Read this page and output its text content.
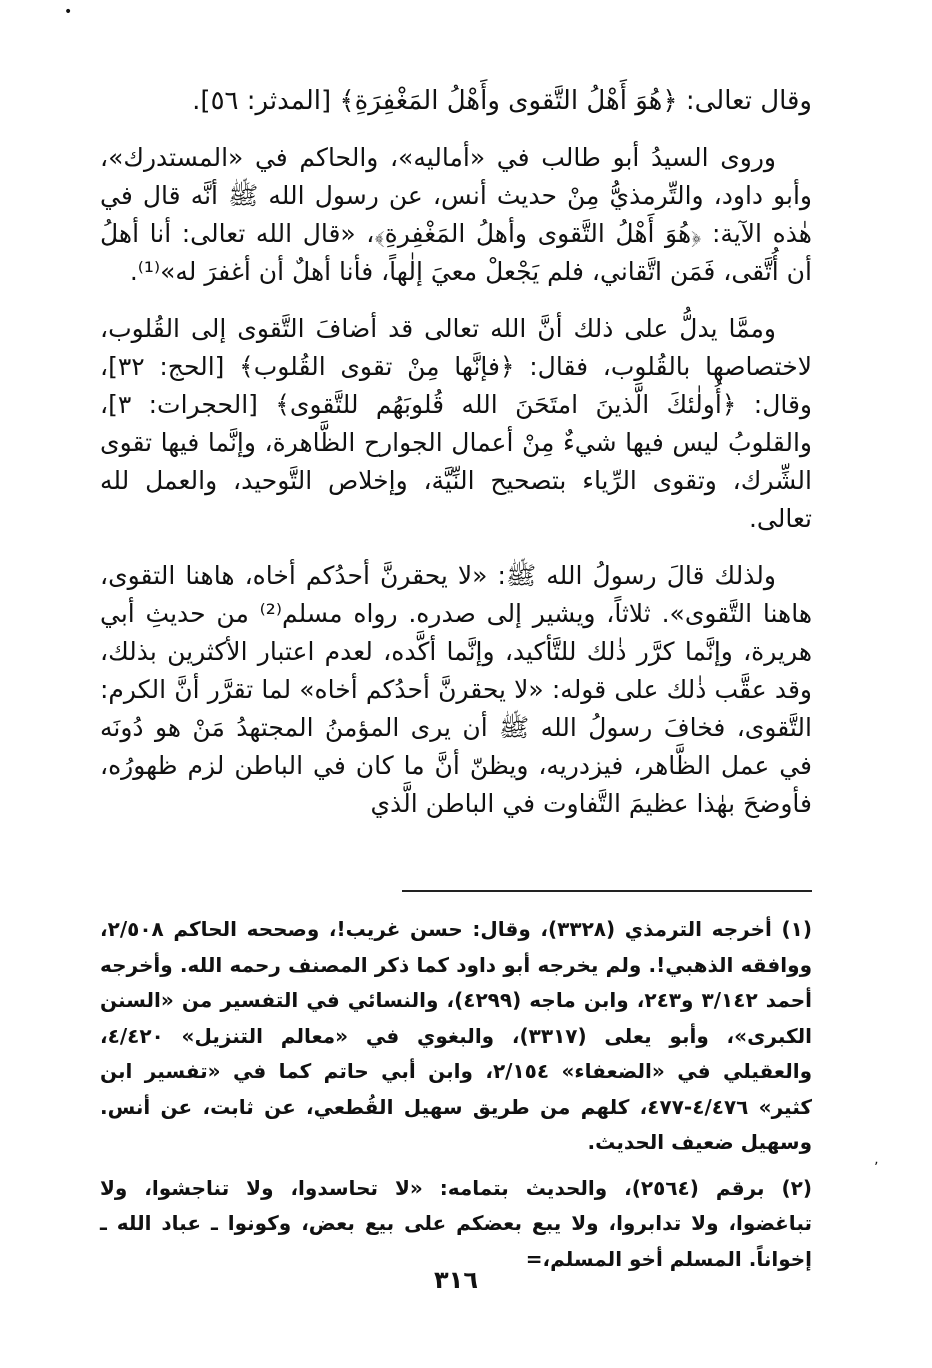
•
٬

وقال تعالى: ﴿هُوَ أَهْلُ التَّقوى وأَهْلُ المَغْفِرَةِ﴾ [المدثر: ٥٦].

وروى السيدُ أبو طالب في «أماليه»، والحاكم في «المستدرك»، وأبو داود، والتِّرمذيُّ مِنْ حديث أنس، عن رسول الله ﷺ أنَّه قال في هٰذه الآية: ﴿هُوَ أَهْلُ التَّقوى وأهلُ المَغْفِرةِ﴾، «قال الله تعالى: أنا أهلُ أن أُتَّقى، فَمَن اتَّقاني، فلم يَجْعلْ معيَ إلٰهاً، فأنا أهلٌ أن أغفرَ له»⁽¹⁾.

وممَّا يدلُّ على ذلك أنَّ الله تعالى قد أضافَ التَّقوى إلى القُلوب، لاختصاصها بالقُلوب، فقال: ﴿فإنَّها مِنْ تقوى القُلوب﴾ [الحج: ٣٢]، وقال: ﴿أُولٰئكَ الَّذينَ امتَحَنَ الله قُلوبَهُم للتَّقوى﴾ [الحجرات: ٣]، والقلوبُ ليس فيها شيءٌ مِنْ أعمال الجوارح الظَّاهرة، وإنَّما فيها تقوى الشِّرك، وتقوى الرِّياء بتصحيح النِّيَّة، وإخلاص التَّوحيد، والعمل لله تعالى.

ولذلك قالَ رسولُ الله ﷺ: «لا يحقرنَّ أحدُكم أخاه، هاهنا التقوى، هاهنا التَّقوى». ثلاثاً، ويشير إلى صدره. رواه مسلم⁽²⁾ من حديثِ أبي هريرة، وإنَّما كرَّر ذٰلك للتَّأكيد، وإنَّما أكَّده، لعدم اعتبار الأكثرين بذلك، وقد عقَّب ذٰلك على قوله: «لا يحقرنَّ أحدُكم أخاه» لما تقرَّر أنَّ الكرم: التَّقوى، فخافَ رسولُ الله ﷺ أن يرى المؤمنُ المجتهدُ مَنْ هو دُونَه في عمل الظَّاهر، فيزدريه، ويظنّ أنَّ ما كان في الباطن لزم ظهورُه، فأوضحَ بهٰذا عظيمَ التَّفاوت في الباطن الَّذي

(١) أخرجه الترمذي (٣٣٢٨)، وقال: حسن غريب!، وصححه الحاكم ٢/٥٠٨، ووافقه الذهبي!. ولم يخرجه أبو داود كما ذكر المصنف رحمه الله. وأخرجه أحمد ٣/١٤٢ و٢٤٣، وابن ماجه (٤٢٩٩)، والنسائي في التفسير من «السنن الكبرى»، وأبو يعلى (٣٣١٧)، والبغوي في «معالم التنزيل» ٤/٤٢٠، والعقيلي في «الضعفاء» ٢/١٥٤، وابن أبي حاتم كما في «تفسير ابن كثير» ٤/٤٧٦-٤٧٧، كلهم من طريق سهيل القُطعي، عن ثابت، عن أنس. وسهيل ضعيف الحديث.

(٢) برقم (٢٥٦٤)، والحديث بتمامه: «لا تحاسدوا، ولا تناجشوا، ولا تباغضوا، ولا تدابروا، ولا يبع بعضكم على بيع بعض، وكونوا ـ عباد الله ـ إخواناً. المسلم أخو المسلم،=

٣١٦
